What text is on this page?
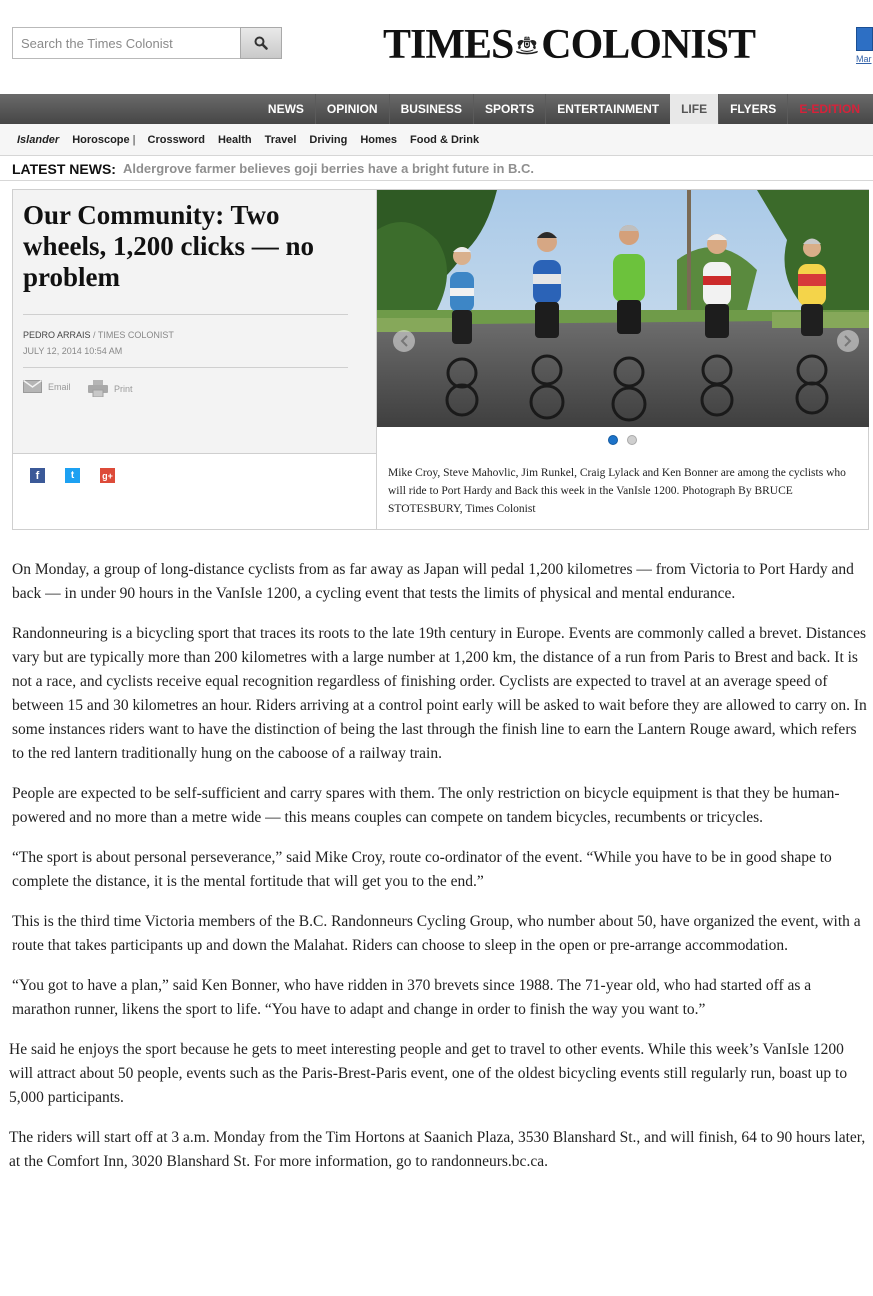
Search the Times Colonist
TIMES COLONIST	Mar
NEWS	OPINION	BUSINESS	SPORTS	ENTERTAINMENT	LIFE	FLYERS	E-EDITION
Islander Horoscope |	Crossword Health Travel Driving Homes Food & Drink
LATEST NEWS: Aldergrove farmer believes goji berries have a bright future in B.C.
Our Community: Two wheels, 1,200 clicks — no problem
PEDRO ARRAIS / TIMES COLONIST
JULY 12, 2014 10:54 AM
Email	Print
f	t	g+	Mike Croy, Steve Mahovlic, Jim Runkel, Craig Lylack and Ken Bonner are among the cyclists who will ride to Port Hardy and Back this week in the VanIsle 1200. Photograph By BRUCE STOTESBURY, Times Colonist

On Monday, a group of long-distance cyclists from as far away as Japan will pedal 1,200 kilometres — from Victoria to Port Hardy and back — in under 90 hours in the VanIsle 1200, a cycling event that tests the limits of physical and mental endurance.

Randonneuring is a bicycling sport that traces its roots to the late 19th century in Europe. Events are commonly called a brevet. Distances vary but are typically more than 200 kilometres with a large number at 1,200 km, the distance of a run from Paris to Brest and back. It is not a race, and cyclists receive equal recognition regardless of finishing order. Cyclists are expected to travel at an average speed of between 15 and 30 kilometres an hour. Riders arriving at a control point early will be asked to wait before they are allowed to carry on. In some instances riders want to have the distinction of being the last through the finish line to earn the Lantern Rouge award, which refers to the red lantern traditionally hung on the caboose of a railway train.

People are expected to be self-sufficient and carry spares with them. The only restriction on bicycle equipment is that they be human- powered and no more than a metre wide — this means couples can compete on tandem bicycles, recumbents or tricycles.

“The sport is about personal perseverance,” said Mike Croy, route co-ordinator of the event. “While you have to be in good shape to complete the distance, it is the mental fortitude that will get you to the end.”

This is the third time Victoria members of the B.C. Randonneurs Cycling Group, who number about 50, have organized the event, with a route that takes participants up and down the Malahat. Riders can choose to sleep in the open or pre-arrange accommodation.

“You got to have a plan,” said Ken Bonner, who have ridden in 370 brevets since 1988. The 71-year old, who had started off as a marathon runner, likens the sport to life. “You have to adapt and change in order to finish the way you want to.”

He said he enjoys the sport because he gets to meet interesting people and get to travel to other events. While this week’s VanIsle 1200 will attract about 50 people, events such as the Paris-Brest-Paris event, one of the oldest bicycling events still regularly run, boast up to 5,000 participants.

The riders will start off at 3 a.m. Monday from the Tim Hortons at Saanich Plaza, 3530 Blanshard St., and will finish, 64 to 90 hours later, at the Comfort Inn, 3020 Blanshard St. For more information, go to randonneurs.bc.ca.
